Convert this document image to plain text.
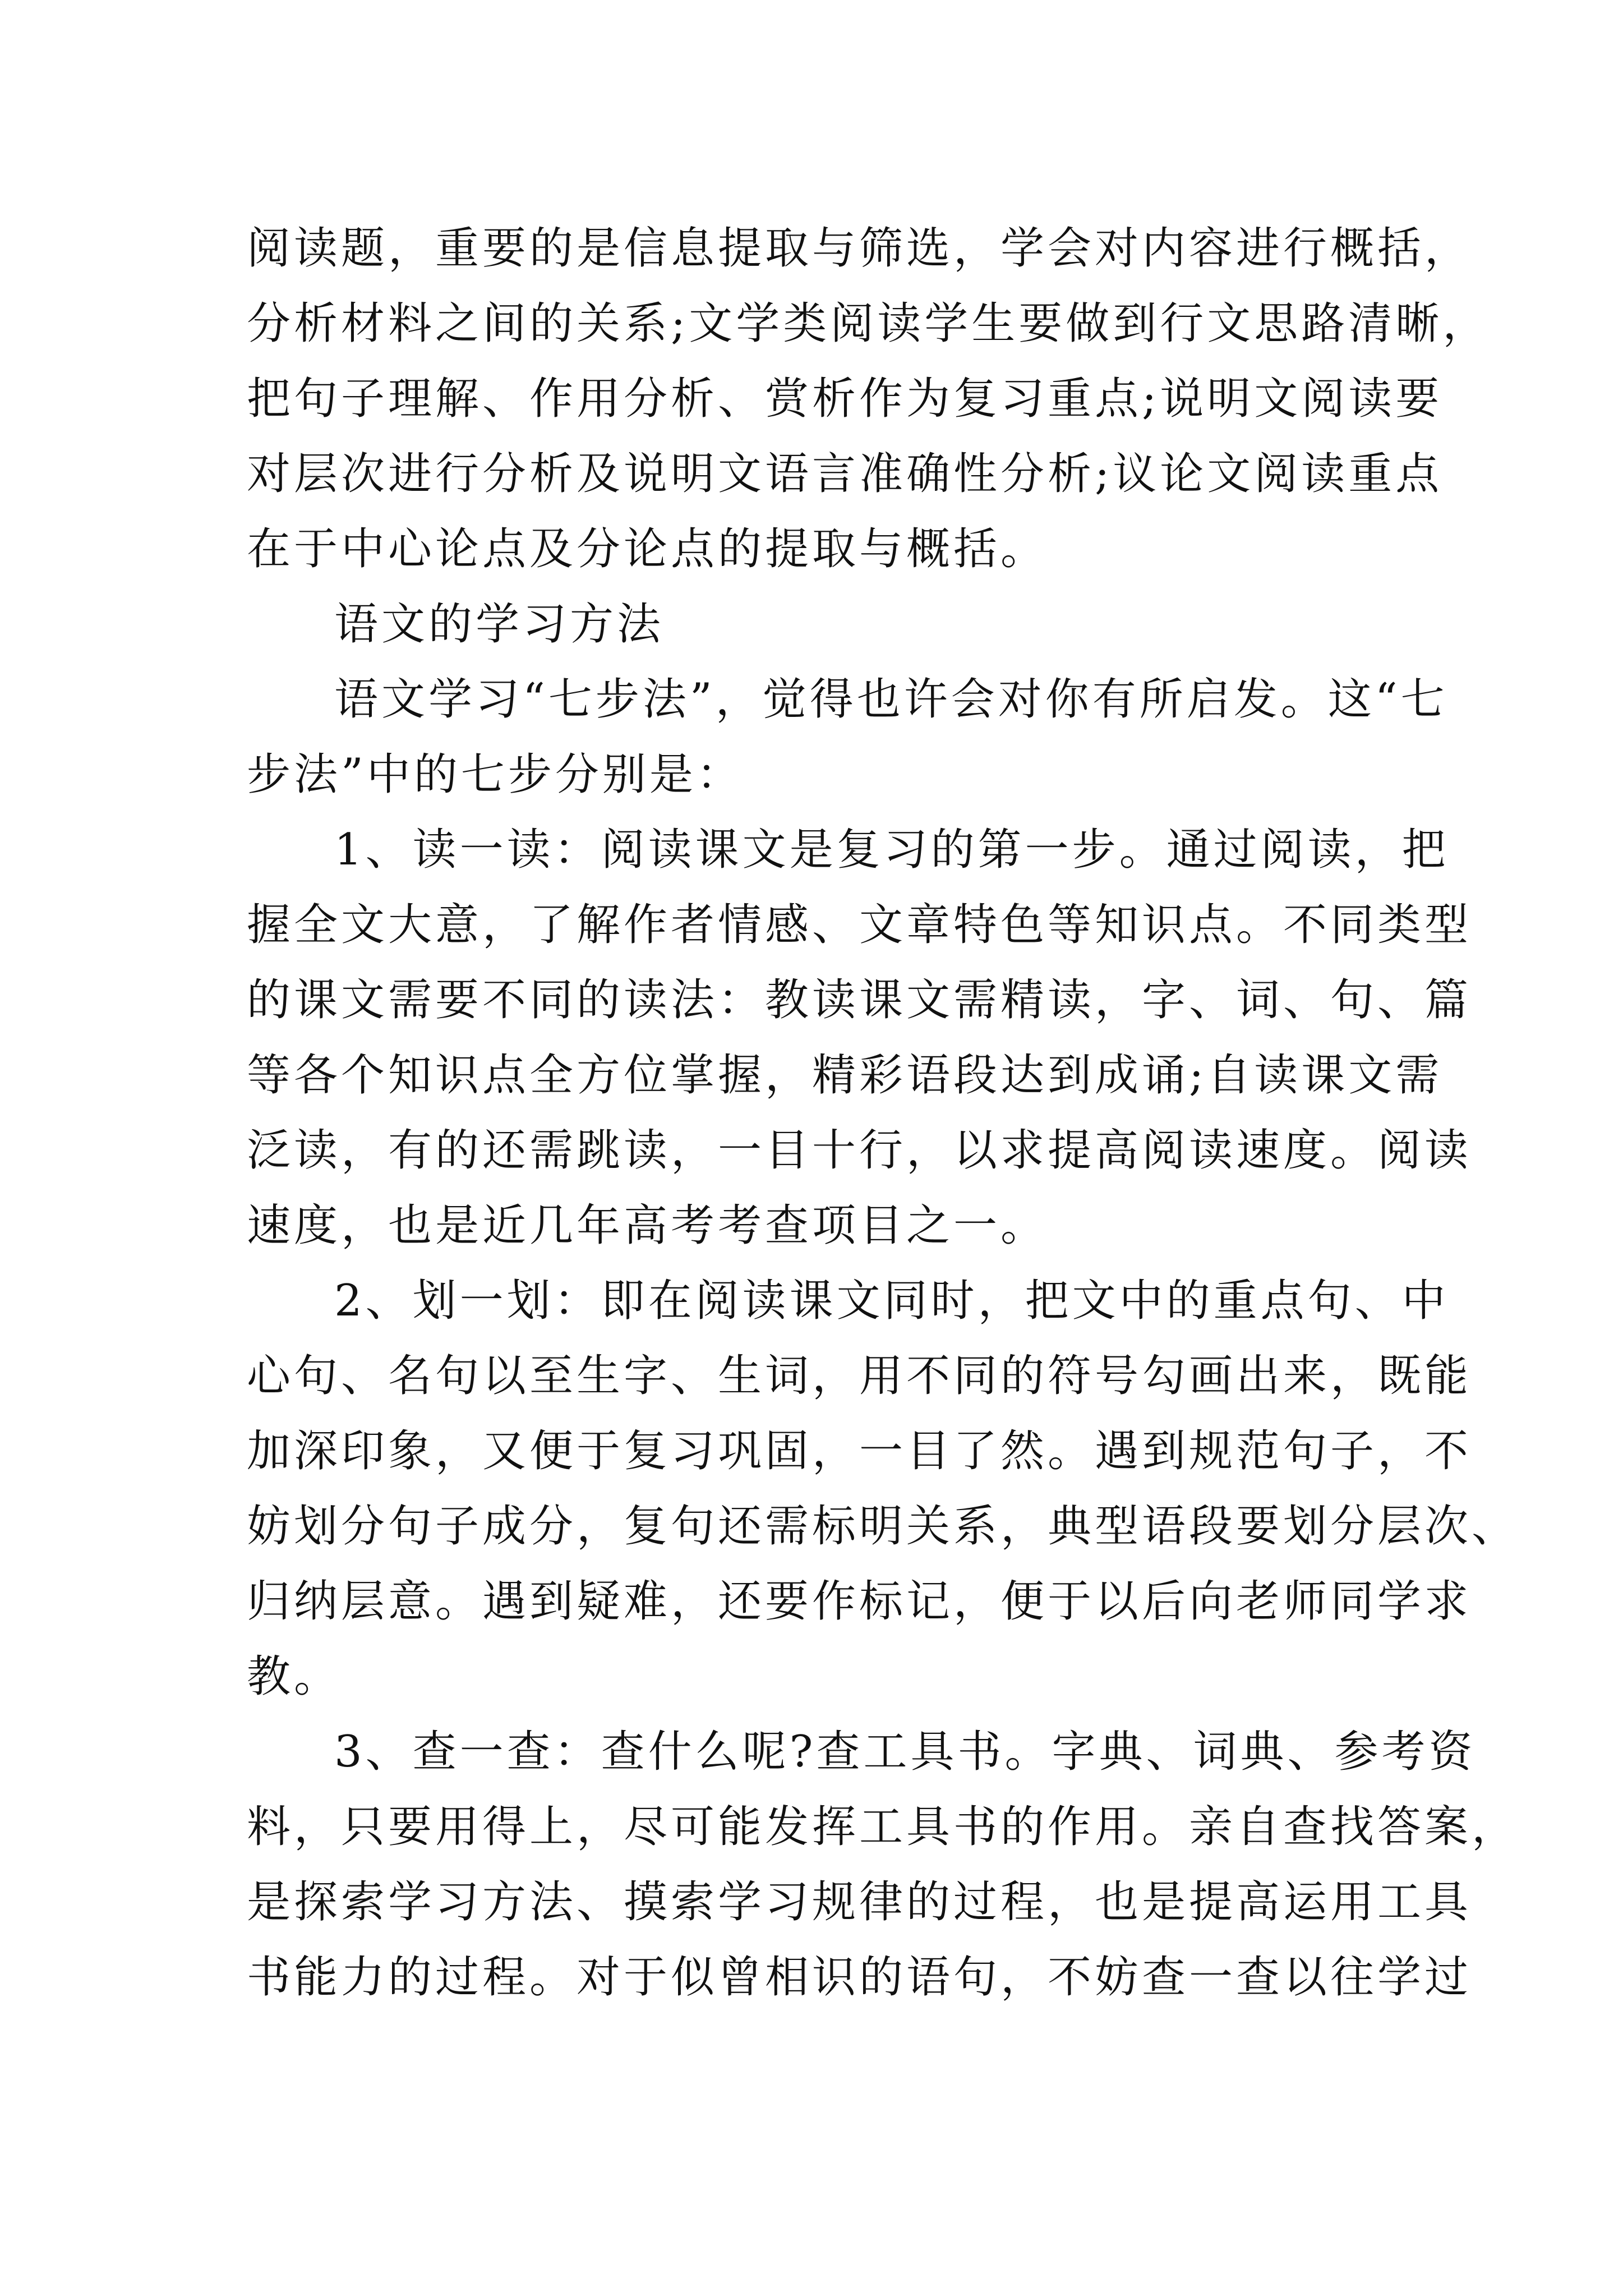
阅读题，重要的是信息提取与筛选，学会对内容进行概括，
分析材料之间的关系;文学类阅读学生要做到行文思路清晰，
把句子理解、作用分析、赏析作为复习重点;说明文阅读要
对层次进行分析及说明文语言准确性分析;议论文阅读重点
在于中心论点及分论点的提取与概括。
语文的学习方法
语文学习“七步法”，觉得也许会对你有所启发。这“七
步法”中的七步分别是：
1、读一读：阅读课文是复习的第一步。通过阅读，把
握全文大意，了解作者情感、文章特色等知识点。不同类型
的课文需要不同的读法：教读课文需精读，字、词、句、篇
等各个知识点全方位掌握，精彩语段达到成诵;自读课文需
泛读，有的还需跳读，一目十行，以求提高阅读速度。阅读
速度，也是近几年高考考查项目之一。
2、划一划：即在阅读课文同时，把文中的重点句、中
心句、名句以至生字、生词，用不同的符号勾画出来，既能
加深印象，又便于复习巩固，一目了然。遇到规范句子，不
妨划分句子成分，复句还需标明关系，典型语段要划分层次、
归纳层意。遇到疑难，还要作标记，便于以后向老师同学求
教。
3、查一查：查什么呢?查工具书。字典、词典、参考资
料，只要用得上，尽可能发挥工具书的作用。亲自查找答案，
是探索学习方法、摸索学习规律的过程，也是提高运用工具
书能力的过程。对于似曾相识的语句，不妨查一查以往学过
